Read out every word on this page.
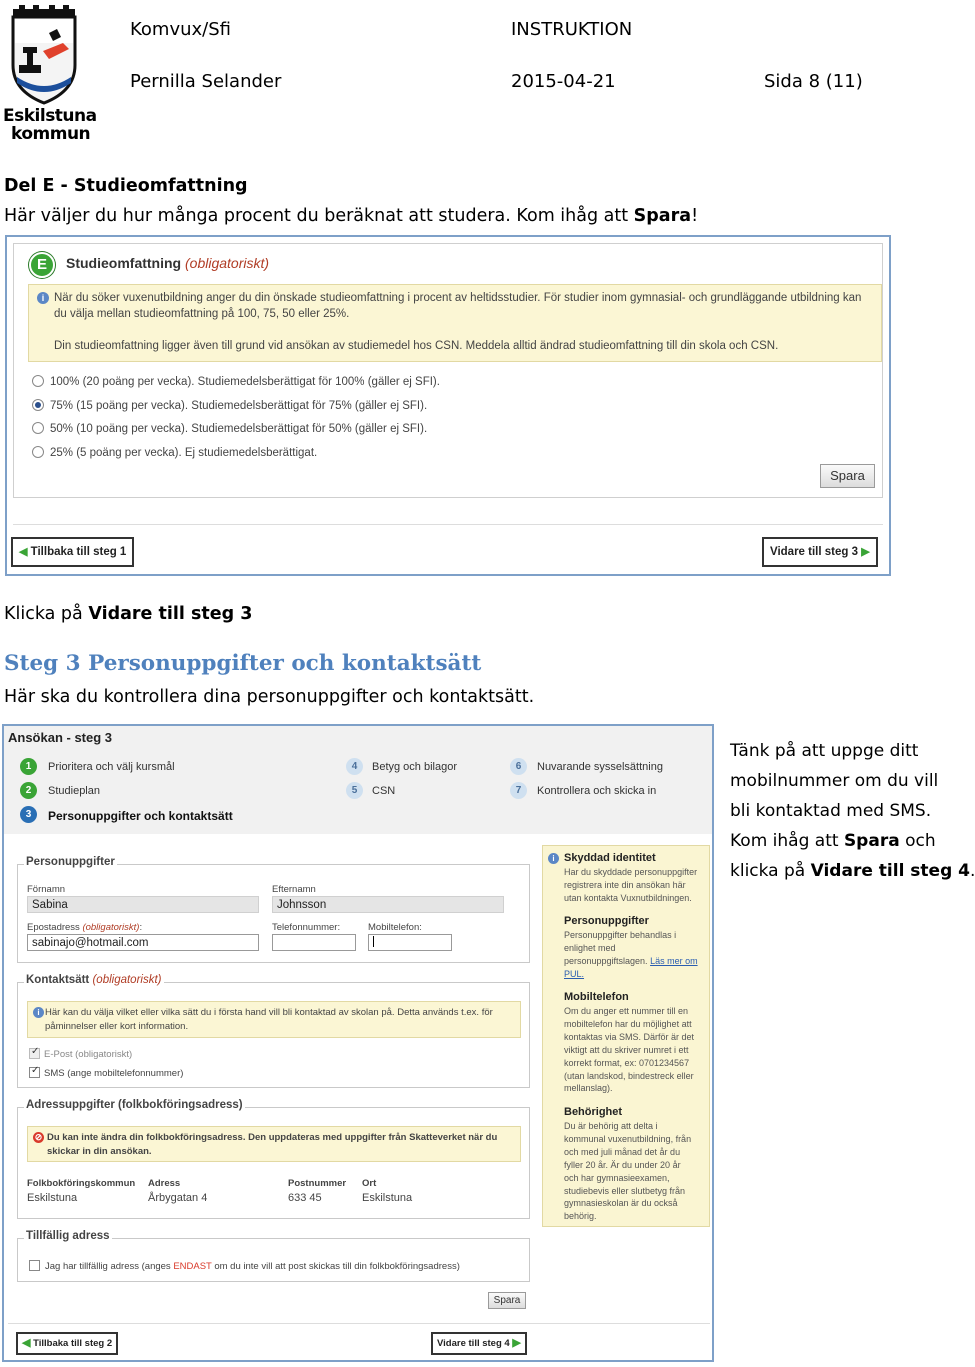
Eskilstuna
kommun
Komvux/Sfi	INSTRUKTION
Pernilla Selander	2015-04-21	Sida 8 (11)
Del E - Studieomfattning
Här väljer du hur många procent du beräknat att studera. Kom ihåg att Spara!
E	Studieomfattning (obligatoriskt)
i När du söker vuxenutbildning anger du din önskade studieomfattning i procent av heltidsstudier. För studier inom gymnasial- och grundläggande utbildning kan
du välja mellan studieomfattning på 100, 75, 50 eller 25%.
Din studieomfattning ligger även till grund vid ansökan av studiemedel hos CSN. Meddela alltid ändrad studieomfattning till din skola och CSN.
100% (20 poäng per vecka). Studiemedelsberättigat för 100% (gäller ej SFI).
75% (15 poäng per vecka). Studiemedelsberättigat för 75% (gäller ej SFI).
50% (10 poäng per vecka). Studiemedelsberättigat för 50% (gäller ej SFI).
25% (5 poäng per vecka). Ej studiemedelsberättigat.
Spara
◀ Tillbaka till steg 1	Vidare till steg 3 ▶
Klicka på Vidare till steg 3
Steg 3 Personuppgifter och kontaktsätt
Här ska du kontrollera dina personuppgifter och kontaktsätt.
Ansökan - steg 3
1	Prioritera och välj kursmål
2	Studieplan
3	Personuppgifter och kontaktsätt
4	Betyg och bilagor
5	CSN
6	Nuvarande sysselsättning
7	Kontrollera och skicka in
Personuppgifter
Förnamn
Sabina
Efternamn
Johnsson
Epostadress (obligatoriskt):
sabinajo@hotmail.com
Telefonnummer:	Mobiltelefon:
Kontaktsätt (obligatoriskt)
i Här kan du välja vilket eller vilka sätt du i första hand vill bli kontaktad av skolan på. Detta används t.ex. för
påminnelser eller kort information.
✓
E-Post (obligatoriskt)
✓
SMS (ange mobiltelefonnummer)
Adressuppgifter (folkbokföringsadress)
⊘ Du kan inte ändra din folkbokföringsadress. Den uppdateras med uppgifter från Skatteverket när du
skickar in din ansökan.
Folkbokföringskommun
Eskilstuna
Adress
Årbygatan 4
Postnummer
633 45
Ort
Eskilstuna
Tillfällig adress
Jag har tillfällig adress (anges ENDAST om du inte vill att post skickas till din folkbokföringsadress)
Spara
◀ Tillbaka till steg 2	Vidare till steg 4 ▶
i Skyddad identitet
Har du skyddade personuppgifter
registrera inte din ansökan här
utan kontakta Vuxnutbildningen.
Personuppgifter
Personuppgifter behandlas i
enlighet med
personuppgiftslagen. Läs mer om
PUL.
Mobiltelefon
Om du anger ett nummer till en
mobiltelefon har du möjlighet att
kontaktas via SMS. Därför är det
viktigt att du skriver numret i ett
korrekt format, ex: 0701234567
(utan landskod, bindestreck eller
mellanslag).
Behörighet
Du är behörig att delta i
kommunal vuxenutbildning, från
och med juli månad det år du
fyller 20 år. Är du under 20 år
och har gymnasieexamen,
studiebevis eller slutbetyg från
gymnasieskolan är du också
behörig.
Tänk på att uppge ditt
mobilnummer om du vill
bli kontaktad med SMS.
Kom ihåg att Spara och
klicka på Vidare till steg 4.
